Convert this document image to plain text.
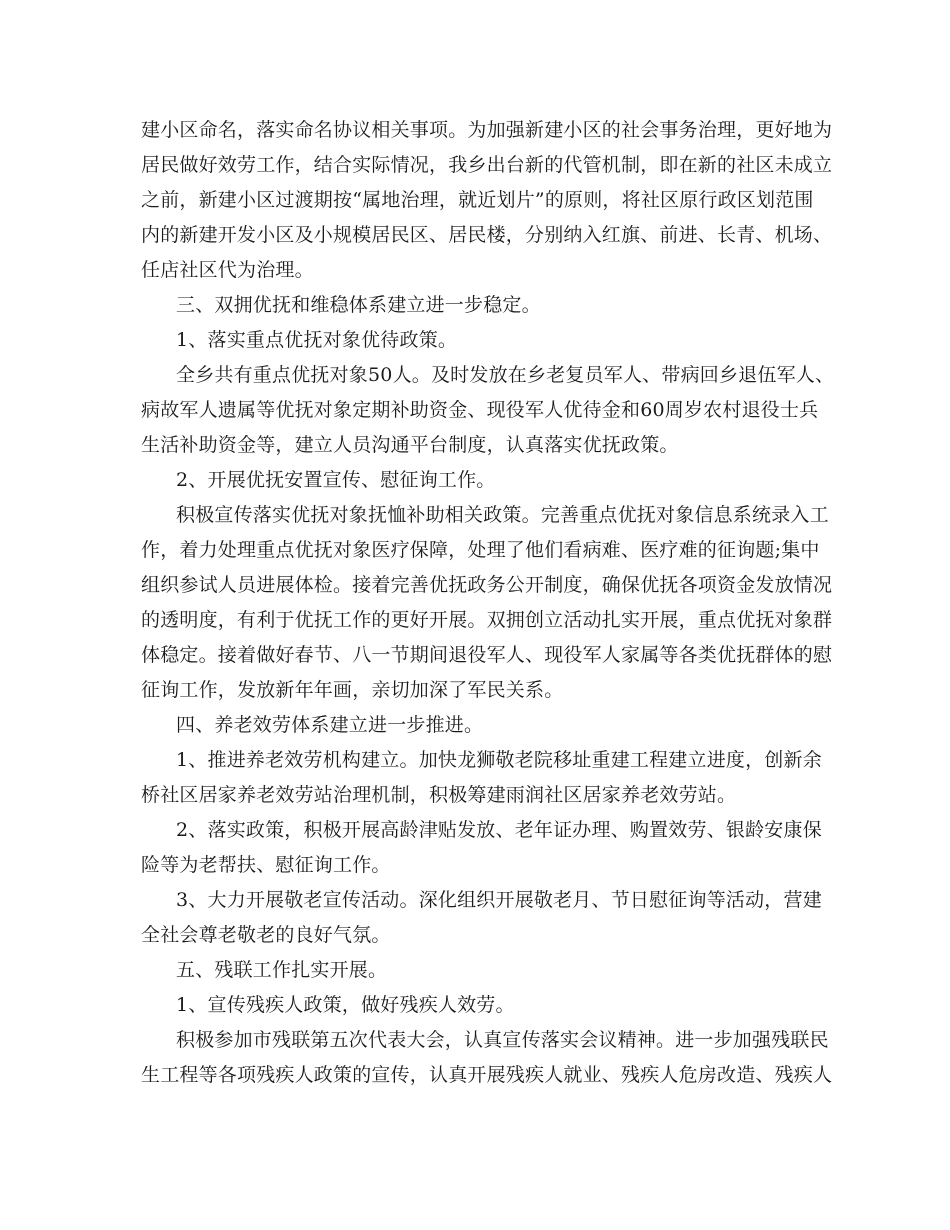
建小区命名，落实命名协议相关事项。为加强新建小区的社会事务治理，更好地为
居民做好效劳工作，结合实际情况，我乡出台新的代管机制，即在新的社区未成立
之前，新建小区过渡期按“属地治理，就近划片”的原则，将社区原行政区划范围
内的新建开发小区及小规模居民区、居民楼，分别纳入红旗、前进、长青、机场、
任店社区代为治理。
三、双拥优抚和维稳体系建立进一步稳定。
1、落实重点优抚对象优待政策。
全乡共有重点优抚对象50人。及时发放在乡老复员军人、带病回乡退伍军人、
病故军人遗属等优抚对象定期补助资金、现役军人优待金和60周岁农村退役士兵
生活补助资金等，建立人员沟通平台制度，认真落实优抚政策。
2、开展优抚安置宣传、慰征询工作。
积极宣传落实优抚对象抚恤补助相关政策。完善重点优抚对象信息系统录入工
作，着力处理重点优抚对象医疗保障，处理了他们看病难、医疗难的征询题;集中
组织参试人员进展体检。接着完善优抚政务公开制度，确保优抚各项资金发放情况
的透明度，有利于优抚工作的更好开展。双拥创立活动扎实开展，重点优抚对象群
体稳定。接着做好春节、八一节期间退役军人、现役军人家属等各类优抚群体的慰
征询工作，发放新年年画，亲切加深了军民关系。
四、养老效劳体系建立进一步推进。
1、推进养老效劳机构建立。加快龙狮敬老院移址重建工程建立进度，创新余
桥社区居家养老效劳站治理机制，积极筹建雨润社区居家养老效劳站。
2、落实政策，积极开展高龄津贴发放、老年证办理、购置效劳、银龄安康保
险等为老帮扶、慰征询工作。
3、大力开展敬老宣传活动。深化组织开展敬老月、节日慰征询等活动，营建
全社会尊老敬老的良好气氛。
五、残联工作扎实开展。
1、宣传残疾人政策，做好残疾人效劳。
积极参加市残联第五次代表大会，认真宣传落实会议精神。进一步加强残联民
生工程等各项残疾人政策的宣传，认真开展残疾人就业、残疾人危房改造、残疾人
